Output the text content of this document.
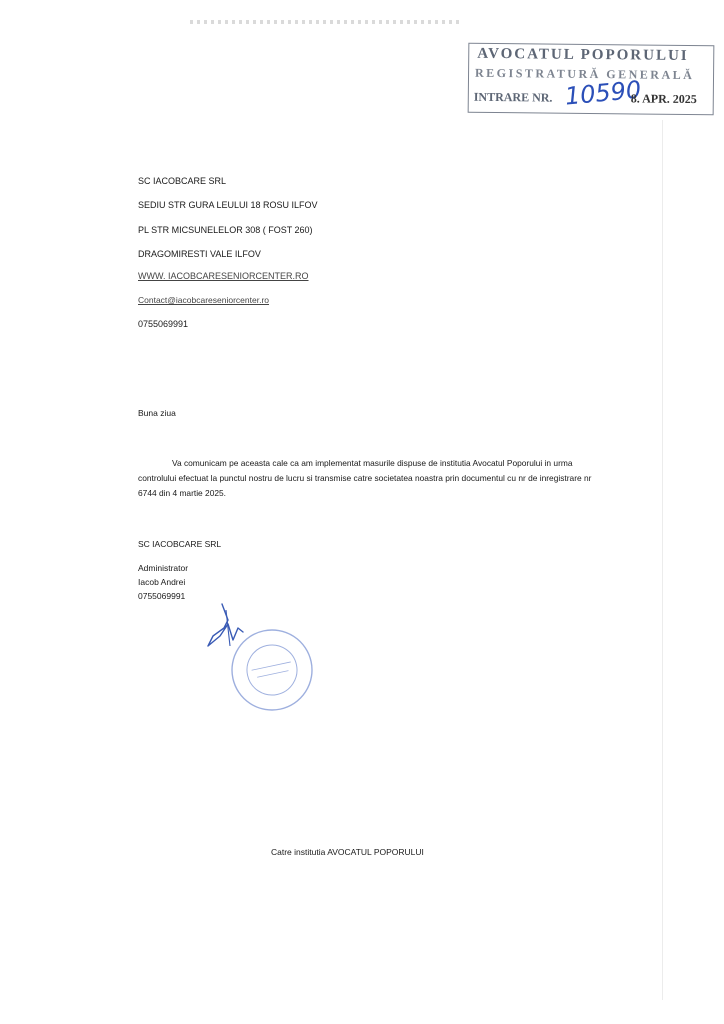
AVOCATUL POPORULUI
REGISTRATURĂ GENERALĂ
INTRARE NR. 10590
8. APR. 2025
SC IACOBCARE SRL
SEDIU STR GURA LEULUI 18 ROSU ILFOV
PL STR MICSUNELELOR 308 ( FOST 260)
DRAGOMIRESTI VALE ILFOV
WWW. IACOBCARESENIORCENTER.RO
Contact@iacobcareseniorcenter.ro
0755069991
Buna ziua
Va comunicam pe aceasta cale ca am implementat masurile dispuse de institutia Avocatul Poporului in urma controlului efectuat la punctul nostru de lucru si transmise catre societatea noastra prin documentul cu nr de inregistrare nr 6744 din 4 martie 2025.
SC IACOBCARE SRL
Administrator
Iacob Andrei
0755069991
Catre institutia AVOCATUL POPORULUI
